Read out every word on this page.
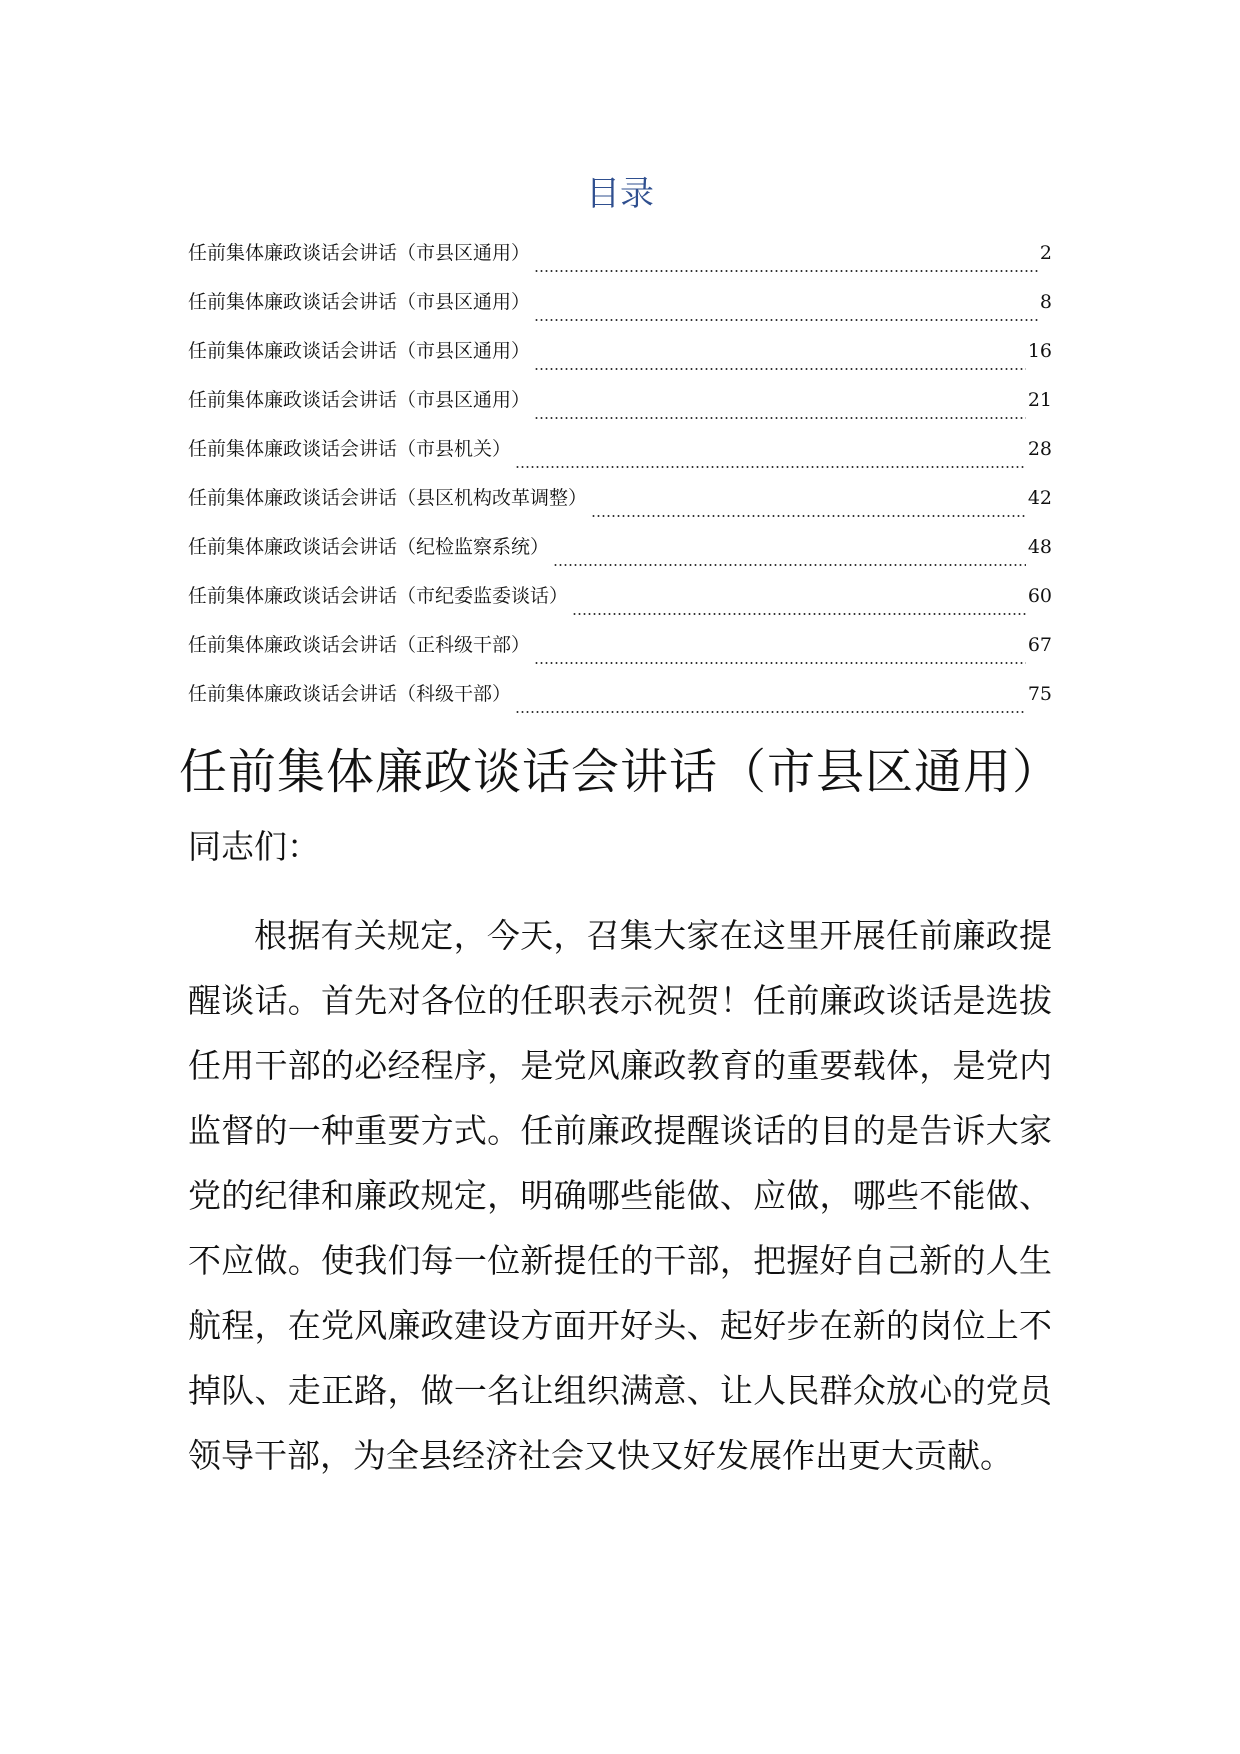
目录
任前集体廉政谈话会讲话（市县区通用）	2
任前集体廉政谈话会讲话（市县区通用）	8
任前集体廉政谈话会讲话（市县区通用）	16
任前集体廉政谈话会讲话（市县区通用）	21
任前集体廉政谈话会讲话（市县机关）	28
任前集体廉政谈话会讲话（县区机构改革调整）	42
任前集体廉政谈话会讲话（纪检监察系统）	48
任前集体廉政谈话会讲话（市纪委监委谈话）	60
任前集体廉政谈话会讲话（正科级干部）	67
任前集体廉政谈话会讲话（科级干部）	75
任前集体廉政谈话会讲话（市县区通用）
同志们：

根据有关规定，今天，召集大家在这里开展任前廉政提醒谈话。首先对各位的任职表示祝贺！任前廉政谈话是选拔任用干部的必经程序，是党风廉政教育的重要载体，是党内监督的一种重要方式。任前廉政提醒谈话的目的是告诉大家党的纪律和廉政规定，明确哪些能做、应做，哪些不能做、不应做。使我们每一位新提任的干部，把握好自己新的人生航程，在党风廉政建设方面开好头、起好步在新的岗位上不掉队、走正路，做一名让组织满意、让人民群众放心的党员领导干部，为全县经济社会又快又好发展作出更大贡献。
